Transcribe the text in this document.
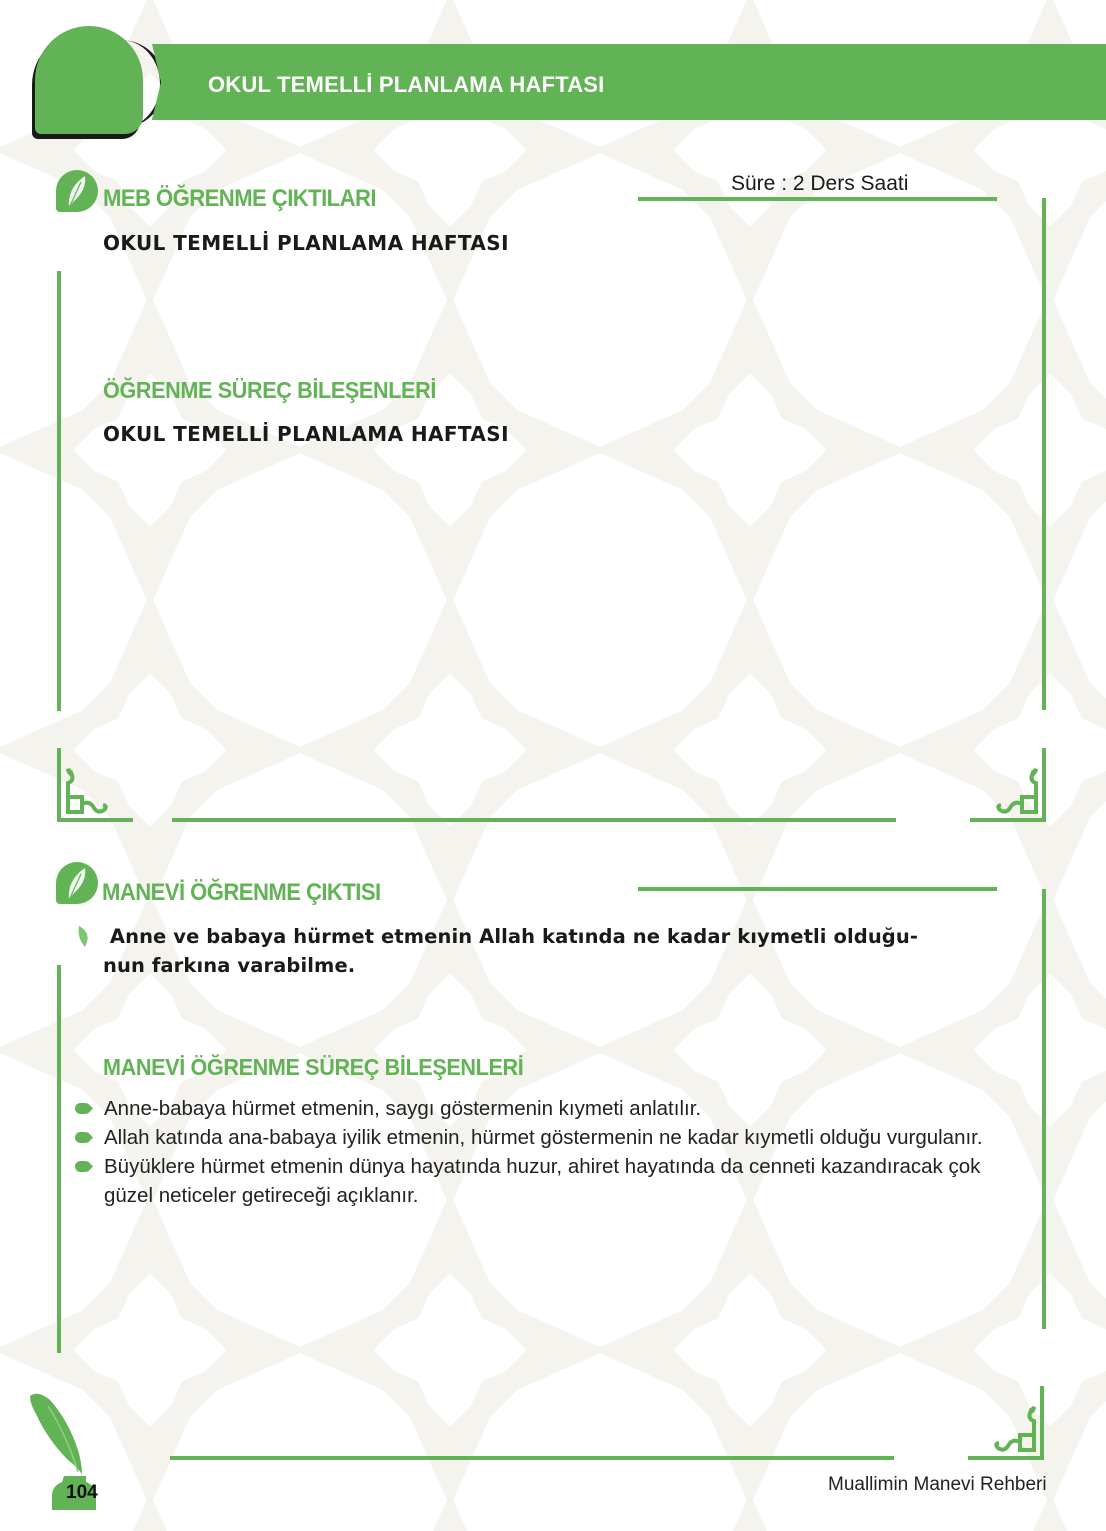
OKUL TEMELLİ PLANLAMA HAFTASI
MEB ÖĞRENME ÇIKTILARI
Süre : 2 Ders Saati
OKUL TEMELLİ PLANLAMA HAFTASI
ÖĞRENME SÜREÇ BİLEŞENLERİ
OKUL TEMELLİ PLANLAMA HAFTASI
MANEVİ ÖĞRENME ÇIKTISI
Anne ve babaya hürmet etmenin Allah katında ne kadar kıymetli olduğu-
nun farkına varabilme.
MANEVİ ÖĞRENME SÜREÇ BİLEŞENLERİ
Anne-babaya hürmet etmenin, saygı göstermenin kıymeti anlatılır.
Allah katında ana-babaya iyilik etmenin, hürmet göstermenin ne kadar kıymetli olduğu vurgulanır.
Büyüklere hürmet etmenin dünya hayatında huzur, ahiret hayatında da cenneti kazandıracak çok güzel neticeler getireceği açıklanır.
104	Muallimin Manevi Rehberi
